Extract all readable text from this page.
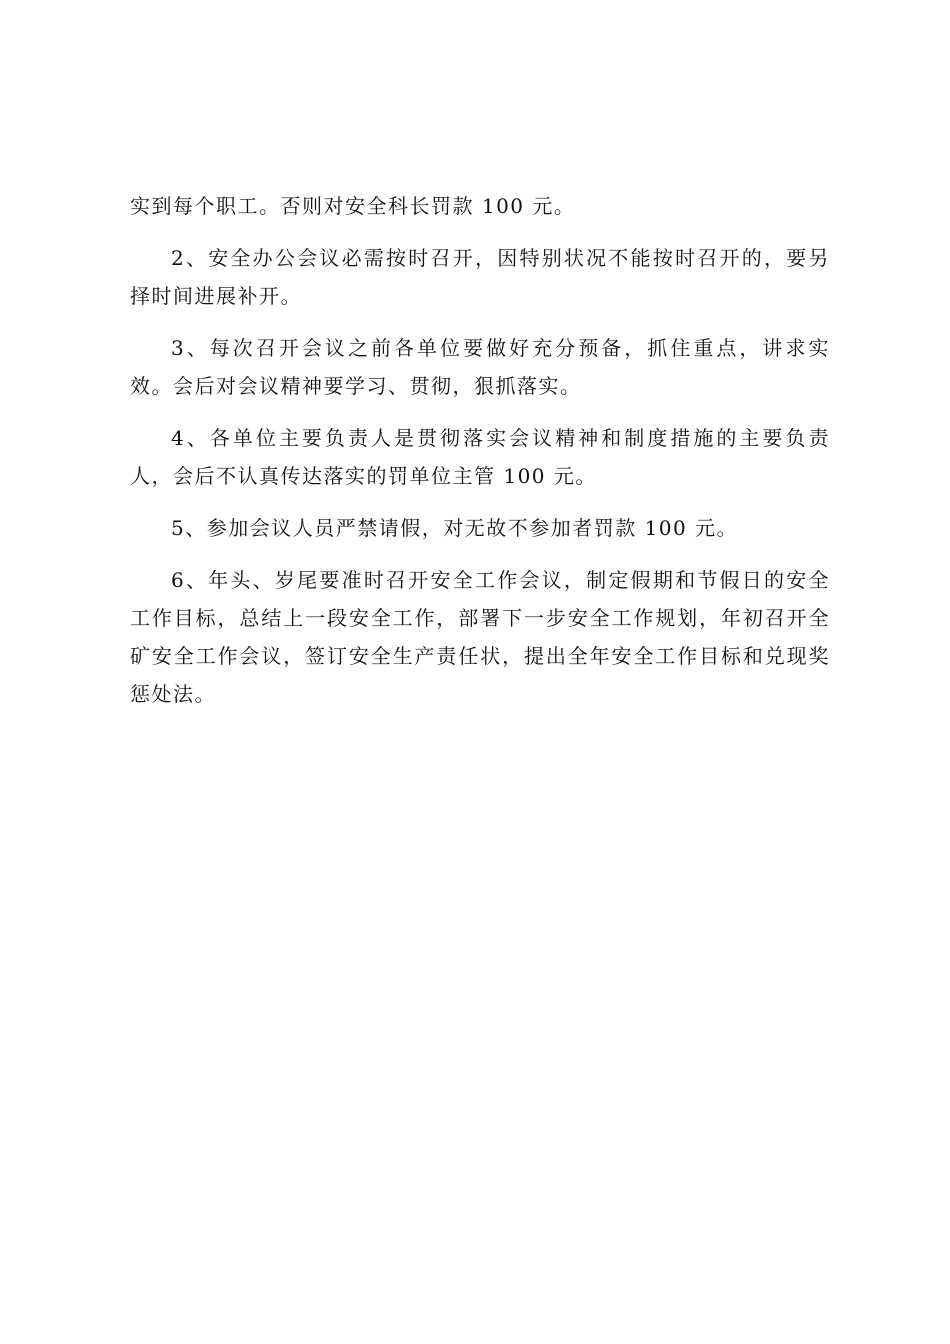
实到每个职工。否则对安全科长罚款 100 元。

2、安全办公会议必需按时召开，因特别状况不能按时召开的，要另择时间进展补开。

3、每次召开会议之前各单位要做好充分预备，抓住重点，讲求实效。会后对会议精神要学习、贯彻，狠抓落实。

4、各单位主要负责人是贯彻落实会议精神和制度措施的主要负责人，会后不认真传达落实的罚单位主管 100 元。

5、参加会议人员严禁请假，对无故不参加者罚款 100 元。

6、年头、岁尾要准时召开安全工作会议，制定假期和节假日的安全工作目标，总结上一段安全工作，部署下一步安全工作规划，年初召开全矿安全工作会议，签订安全生产责任状，提出全年安全工作目标和兑现奖惩处法。
